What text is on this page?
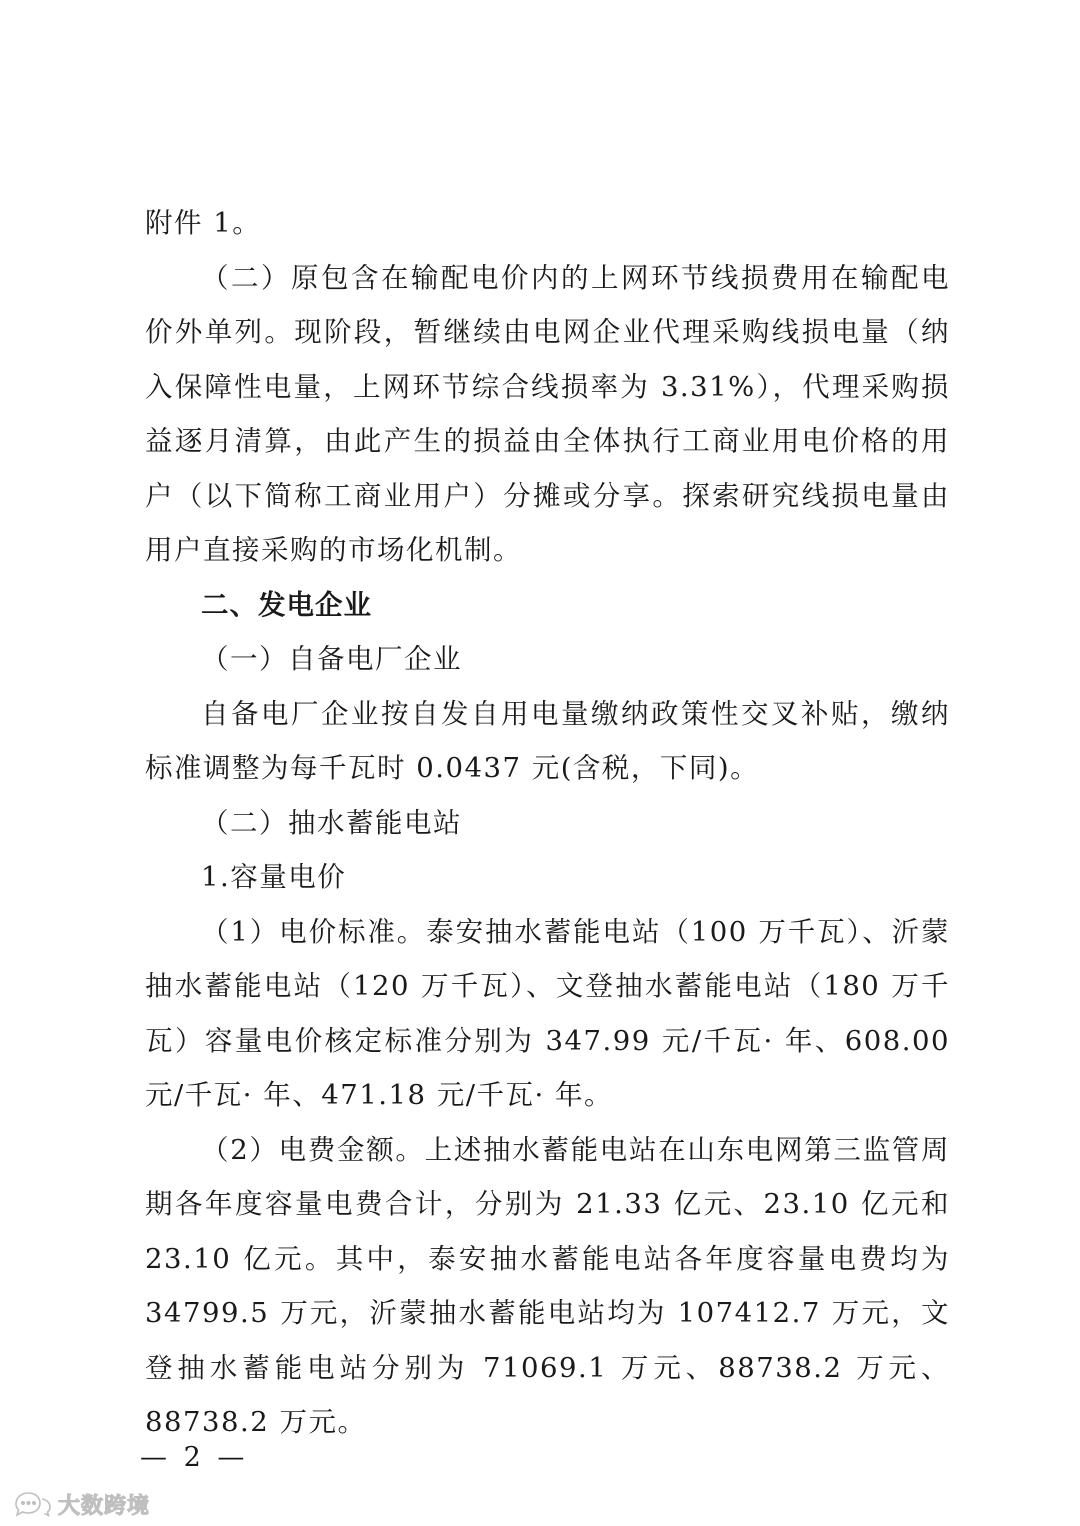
附件 1。

（二）原包含在输配电价内的上网环节线损费用在输配电价外单列。现阶段，暂继续由电网企业代理采购线损电量（纳入保障性电量，上网环节综合线损率为 3.31%），代理采购损益逐月清算，由此产生的损益由全体执行工商业用电价格的用户（以下简称工商业用户）分摊或分享。探索研究线损电量由用户直接采购的市场化机制。

二、发电企业

（一）自备电厂企业

自备电厂企业按自发自用电量缴纳政策性交叉补贴，缴纳标准调整为每千瓦时 0.0437 元(含税，下同)。

（二）抽水蓄能电站

1.容量电价

（1）电价标准。泰安抽水蓄能电站（100 万千瓦）、沂蒙抽水蓄能电站（120 万千瓦）、文登抽水蓄能电站（180 万千瓦）容量电价核定标准分别为 347.99 元/千瓦· 年、608.00 元/千瓦· 年、471.18 元/千瓦· 年。

（2）电费金额。上述抽水蓄能电站在山东电网第三监管周期各年度容量电费合计，分别为 21.33 亿元、23.10 亿元和 23.10 亿元。其中，泰安抽水蓄能电站各年度容量电费均为 34799.5 万元，沂蒙抽水蓄能电站均为 107412.7 万元，文登抽水蓄能电站分别为 71069.1 万元、88738.2 万元、88738.2 万元。

— 2 —
大数跨境
